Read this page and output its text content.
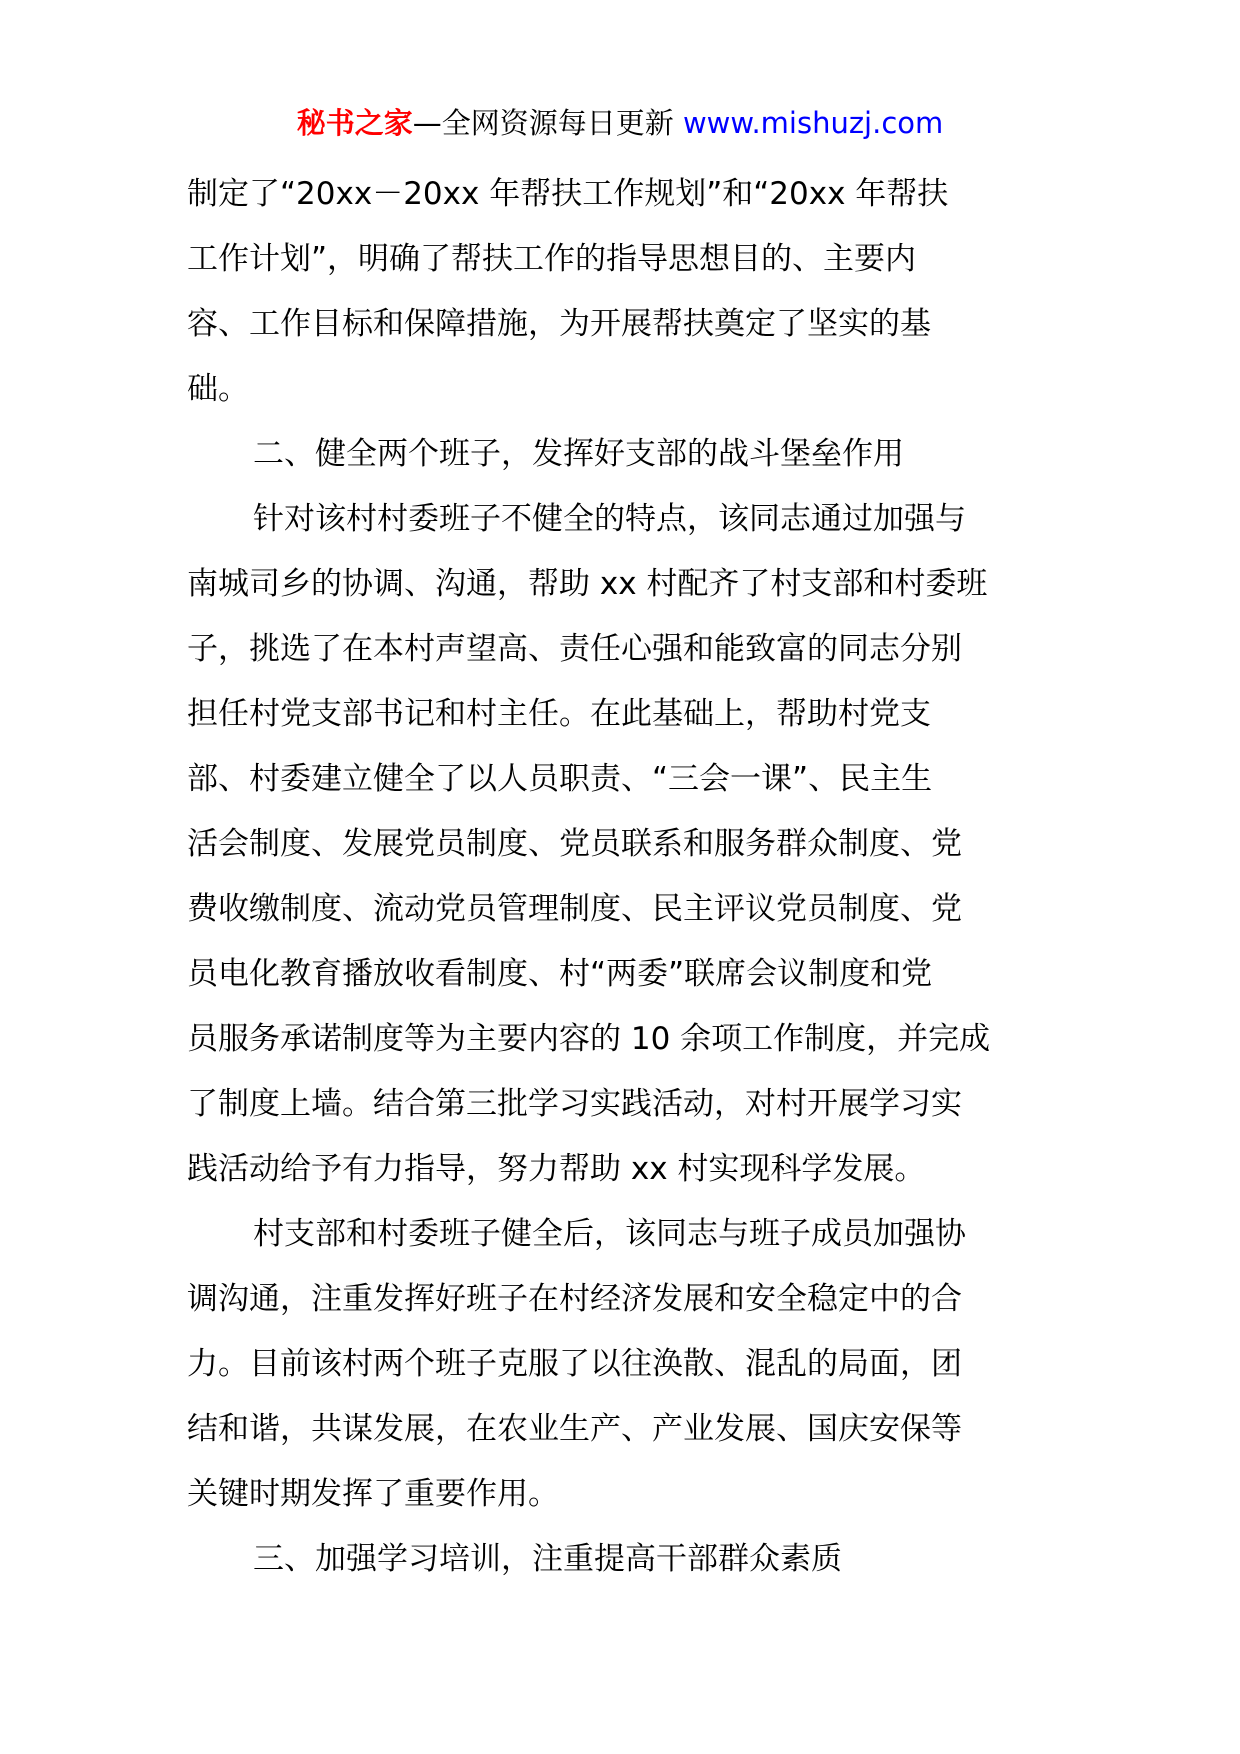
秘书之家—全网资源每日更新 www.mishuzj.com
制定了“20xx－20xx 年帮扶工作规划”和“20xx 年帮扶
工作计划”，明确了帮扶工作的指导思想目的、主要内
容、工作目标和保障措施，为开展帮扶奠定了坚实的基
础。
二、健全两个班子，发挥好支部的战斗堡垒作用
针对该村村委班子不健全的特点，该同志通过加强与
南城司乡的协调、沟通，帮助 xx 村配齐了村支部和村委班
子，挑选了在本村声望高、责任心强和能致富的同志分别
担任村党支部书记和村主任。在此基础上，帮助村党支
部、村委建立健全了以人员职责、“三会一课”、民主生
活会制度、发展党员制度、党员联系和服务群众制度、党
费收缴制度、流动党员管理制度、民主评议党员制度、党
员电化教育播放收看制度、村“两委”联席会议制度和党
员服务承诺制度等为主要内容的 10 余项工作制度，并完成
了制度上墙。结合第三批学习实践活动，对村开展学习实
践活动给予有力指导，努力帮助 xx 村实现科学发展。
村支部和村委班子健全后，该同志与班子成员加强协
调沟通，注重发挥好班子在村经济发展和安全稳定中的合
力。目前该村两个班子克服了以往涣散、混乱的局面，团
结和谐，共谋发展，在农业生产、产业发展、国庆安保等
关键时期发挥了重要作用。
三、加强学习培训，注重提高干部群众素质
